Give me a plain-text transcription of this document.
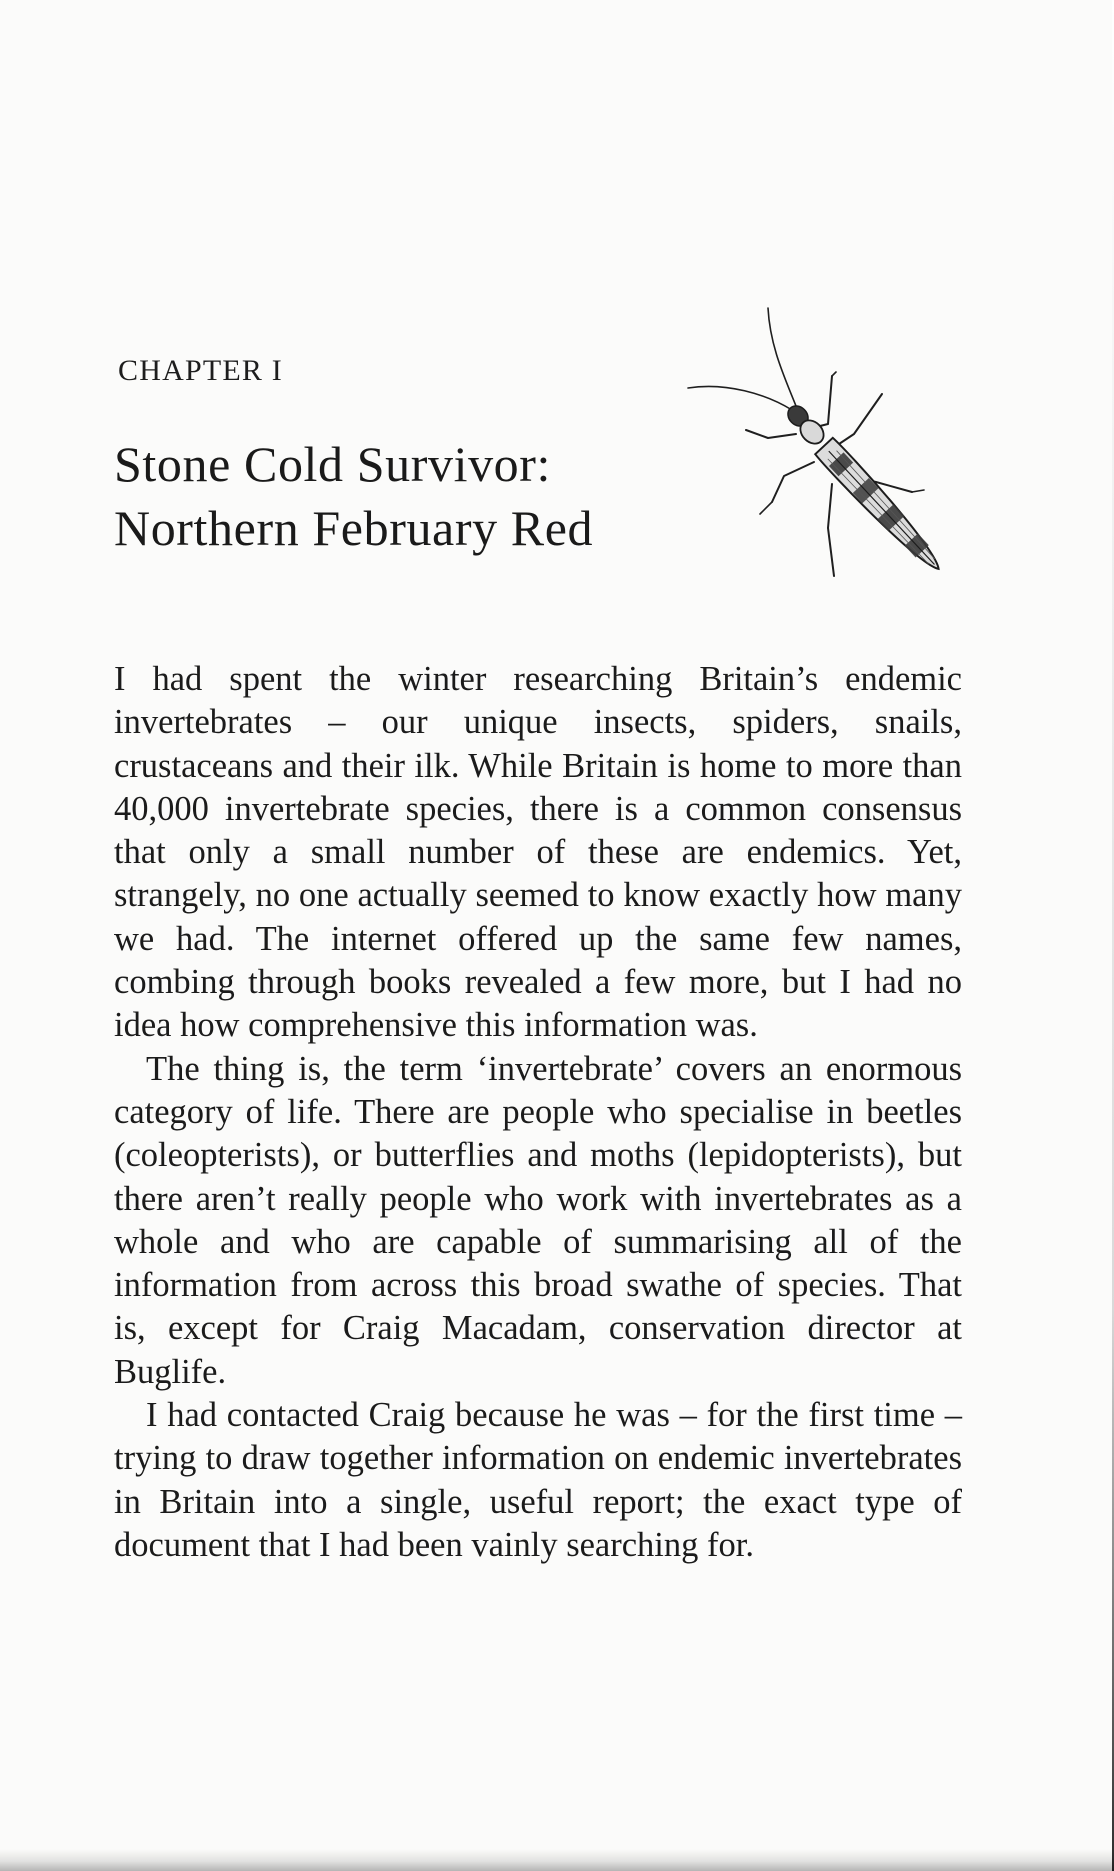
CHAPTER I
Stone Cold Survivor:
Northern February Red

I had spent the winter researching Britain’s endemic invertebrates – our unique insects, spiders, snails, crustaceans and their ilk. While Britain is home to more than 40,000 invertebrate species, there is a common consensus that only a small number of these are endemics. Yet, strangely, no one actually seemed to know exactly how many we had. The internet offered up the same few names, combing through books revealed a few more, but I had no idea how comprehensive this information was.

The thing is, the term ‘invertebrate’ covers an enormous category of life. There are people who specialise in beetles (coleopterists), or butterflies and moths (lepidopterists), but there aren’t really people who work with invertebrates as a whole and who are capable of summarising all of the information from across this broad swathe of species. That is, except for Craig Macadam, conservation director at Buglife.

I had contacted Craig because he was – for the first time – trying to draw together information on endemic invertebrates in Britain into a single, useful report; the exact type of document that I had been vainly searching for.
